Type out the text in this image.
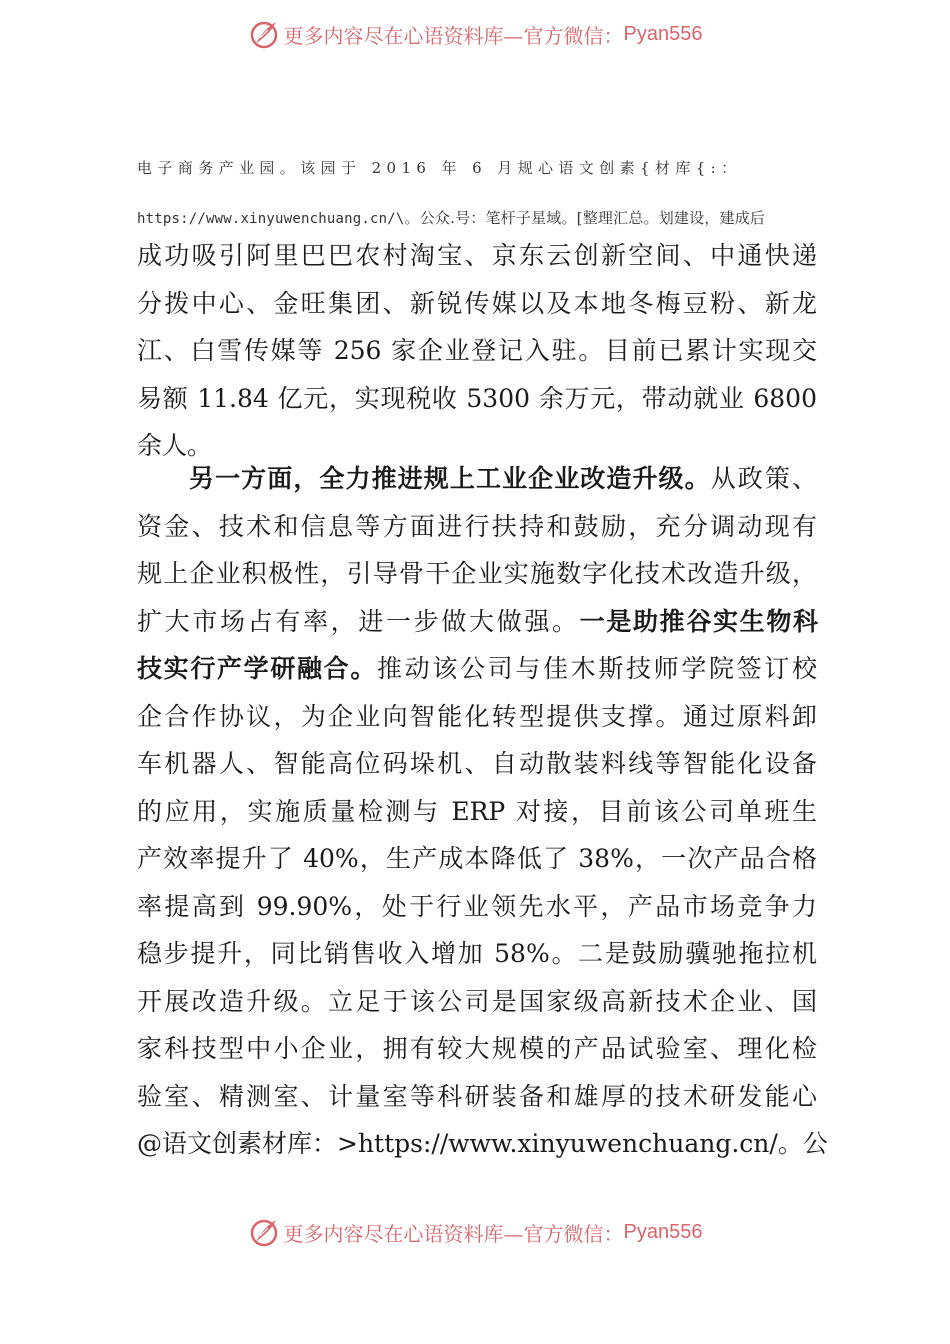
更多内容尽在心语资料库—官方微信： Pyan556
电子商务产业园。该园于 2016 年 6 月规心语文创素{材库{:：
https://www.xinyuwenchuang.cn/\。公众.号：笔杆子星域。[整理汇总。划建设，建成后
成功吸引阿里巴巴农村淘宝、京东云创新空间、中通快递
分拨中心、金旺集团、新锐传媒以及本地冬梅豆粉、新龙
江、白雪传媒等 256 家企业登记入驻。目前已累计实现交
易额 11.84 亿元，实现税收 5300 余万元，带动就业 6800
余人。
另一方面，全力推进规上工业企业改造升级。从政策、
资金、技术和信息等方面进行扶持和鼓励，充分调动现有
规上企业积极性，引导骨干企业实施数字化技术改造升级，
扩大市场占有率，进一步做大做强。一是助推谷实生物科
技实行产学研融合。推动该公司与佳木斯技师学院签订校
企合作协议，为企业向智能化转型提供支撑。通过原料卸
车机器人、智能高位码垛机、自动散装料线等智能化设备
的应用，实施质量检测与 ERP 对接，目前该公司单班生
产效率提升了 40%，生产成本降低了 38%，一次产品合格
率提高到 99.90%，处于行业领先水平，产品市场竞争力
稳步提升，同比销售收入增加 58%。二是鼓励骥驰拖拉机
开展改造升级。立足于该公司是国家级高新技术企业、国
家科技型中小企业，拥有较大规模的产品试验室、理化检
验室、精测室、计量室等科研装备和雄厚的技术研发能心
@语文创素材库：>https://www.xinyuwenchuang.cn/。公
更多内容尽在心语资料库—官方微信： Pyan556
